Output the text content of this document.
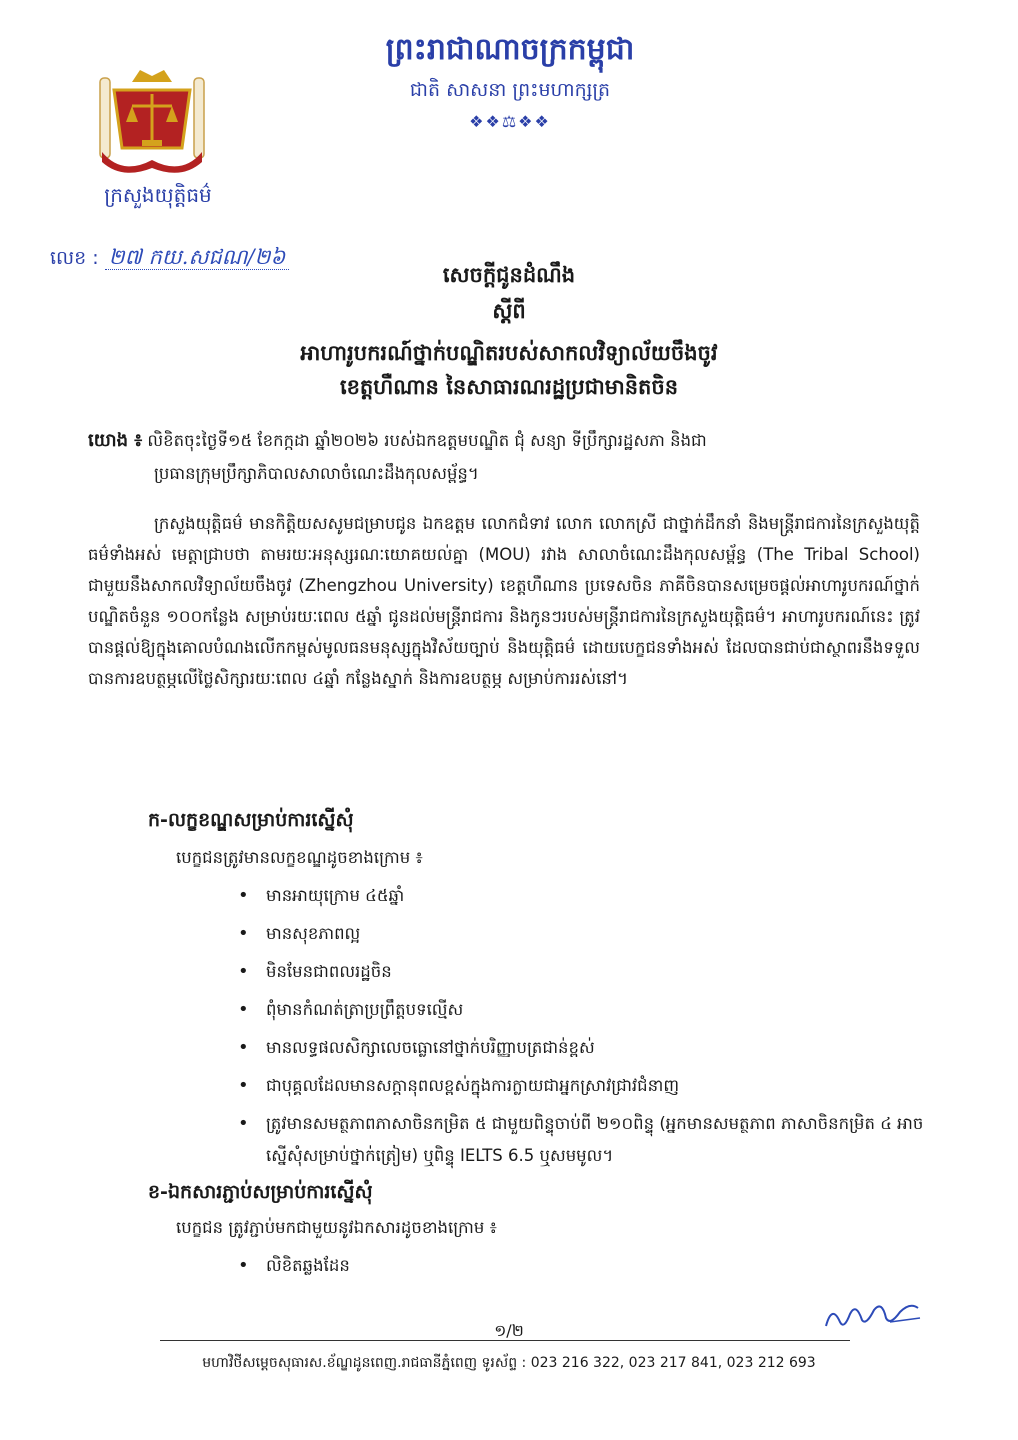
ព្រះរាជាណាចក្រកម្ពុជា
ជាតិ សាសនា ព្រះមហាក្សត្រ
❖❖⚖❖❖
ក្រសួងយុត្តិធម៌
លេខ : ២៧ កយ.សជណ/២៦
សេចក្តីជូនដំណឹង
ស្តីពី
អាហារូបករណ៍ថ្នាក់បណ្ឌិតរបស់សាកលវិទ្យាល័យចឹងចូវ
ខេត្តហឺណាន នៃសាធារណរដ្ឋប្រជាមានិតចិន
យោង ៖ លិខិតចុះថ្ងៃទី១៥ ខែកក្កដា ឆ្នាំ២០២៦ របស់ឯកឧត្តមបណ្ឌិត ជុំ សន្យា ទីប្រឹក្សារដ្ឋសភា និងជា
ប្រធានក្រុមប្រឹក្សាភិបាលសាលាចំណេះដឹងកុលសម្ព័ន្ធ។
ក្រសួងយុត្តិធម៌ មានកិត្តិយសសូមជម្រាបជូន ឯកឧត្តម លោកជំទាវ លោក លោកស្រី ជាថ្នាក់ដឹកនាំ និងមន្ត្រីរាជការនៃក្រសួងយុត្តិធម៌ទាំងអស់ មេត្តាជ្រាបថា តាមរយៈអនុស្សរណៈយោគយល់គ្នា (MOU) រវាង សាលាចំណេះដឹងកុលសម្ព័ន្ធ (The Tribal School) ជាមួយនឹងសាកលវិទ្យាល័យចឹងចូវ (Zhengzhou University) ខេត្តហឺណាន ប្រទេសចិន ភាគីចិនបានសម្រេចផ្តល់អាហារូបករណ៍ថ្នាក់បណ្ឌិតចំនួន ១០០កន្លែង សម្រាប់រយៈពេល ៥ឆ្នាំ ជូនដល់មន្ត្រីរាជការ និងកូនៗរបស់មន្ត្រីរាជការនៃក្រសួងយុត្តិធម៌។ អាហារូបករណ៍នេះ ត្រូវបានផ្តល់ឱ្យក្នុងគោលបំណងលើកកម្ពស់មូលធនមនុស្សក្នុងវិស័យច្បាប់ និងយុត្តិធម៌ ដោយបេក្ខជនទាំងអស់ ដែលបានជាប់ជាស្ថាពរនឹងទទួលបានការឧបត្ថម្ភលើថ្លៃសិក្សារយៈពេល ៤ឆ្នាំ កន្លែងស្នាក់ និងការឧបត្ថម្ភ សម្រាប់ការរស់នៅ។
ក-លក្ខខណ្ឌសម្រាប់ការស្នើសុំ
បេក្ខជនត្រូវមានលក្ខខណ្ឌដូចខាងក្រោម ៖
• មានអាយុក្រោម ៤៥ឆ្នាំ
• មានសុខភាពល្អ
• មិនមែនជាពលរដ្ឋចិន
• ពុំមានកំណត់ត្រាប្រព្រឹត្តបទល្មើស
• មានលទ្ធផលសិក្សាលេចធ្លោនៅថ្នាក់បរិញ្ញាបត្រជាន់ខ្ពស់
• ជាបុគ្គលដែលមានសក្តានុពលខ្ពស់ក្នុងការក្លាយជាអ្នកស្រាវជ្រាវជំនាញ
• ត្រូវមានសមត្ថភាពភាសាចិនកម្រិត ៥ ជាមួយពិន្ទុចាប់ពី ២១០ពិន្ទុ (អ្នកមានសមត្ថភាព ភាសាចិនកម្រិត ៤ អាចស្នើសុំសម្រាប់ថ្នាក់ត្រៀម) ឬពិន្ទុ IELTS 6.5 ឬសមមូល។
ខ-ឯកសារភ្ជាប់សម្រាប់ការស្នើសុំ
បេក្ខជន ត្រូវភ្ជាប់មកជាមួយនូវឯកសារដូចខាងក្រោម ៖
• លិខិតឆ្លងដែន
១/២
មហាវិថីសម្តេចសុធារស.ខ័ណ្ឌដូនពេញ.រាជធានីភ្នំពេញ ទូរស័ព្ទ : 023 216 322, 023 217 841, 023 212 693
